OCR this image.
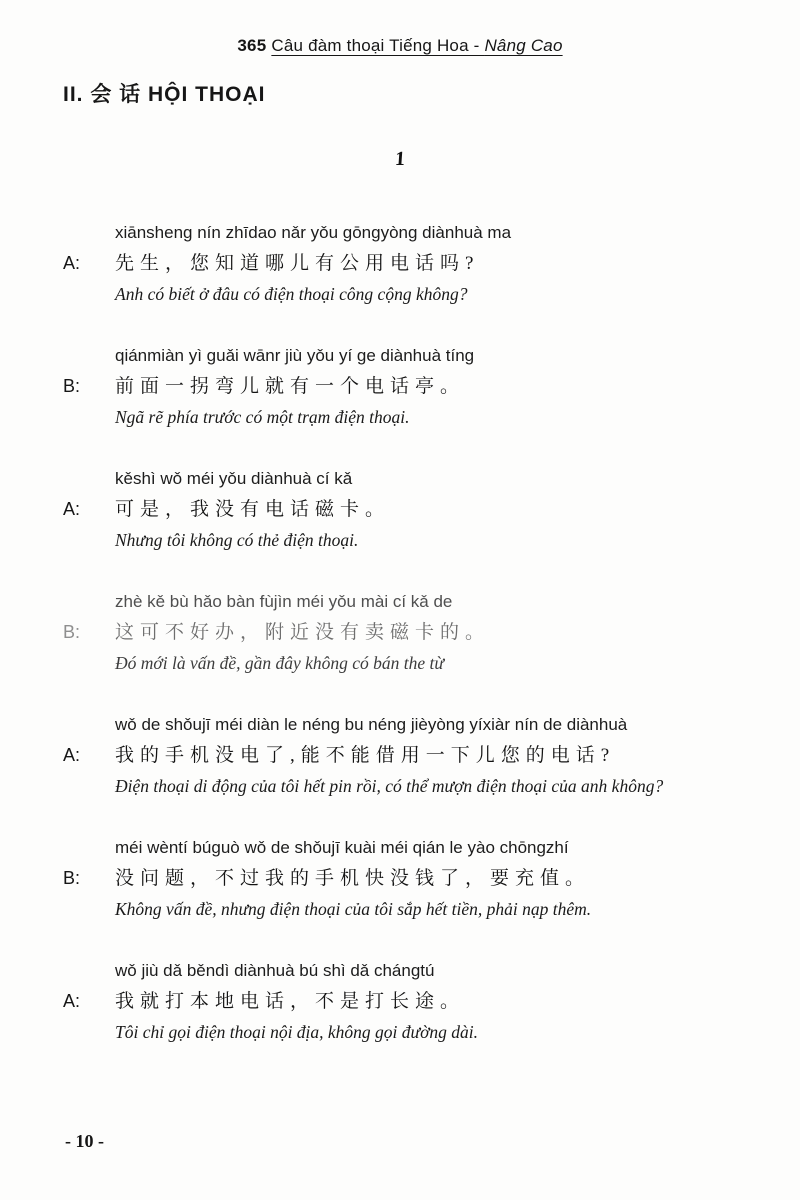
365 Câu đàm thoại Tiếng Hoa - Nâng Cao
II. 会 话 HỘI THOẠI
1
xiānsheng nín zhīdao nǎr yǒu gōngyòng diànhuà ma
A:	先生，您知道哪儿有公用电话吗?
Anh có biết ở đâu có điện thoại công cộng không?
qiánmiàn yì guǎi wānr jiù yǒu yí ge diànhuà tíng
B:	前面一拐弯儿就有一个电话亭。
Ngã rẽ phía trước có một trạm điện thoại.
kěshì wǒ méi yǒu diànhuà cí kǎ
A:	可是，我没有电话磁卡。
Nhưng tôi không có thẻ điện thoại.
zhè kě bù hǎo bàn fùjìn méi yǒu mài cí kǎ de
B:	这可不好办，附近没有卖磁卡的。
Đó mới là vấn đề, gần đây không có bán the từ
wǒ de shǒujī méi diàn le néng bu néng jièyòng yíxiàr nín de diànhuà
A:	我的手机没电了,能不能借用一下儿您的电话?
Điện thoại di động của tôi hết pin rồi, có thể mượn điện thoại của anh không?
méi wèntí búguò wǒ de shǒujī kuài méi qián le yào chōngzhí
B:	没问题，不过我的手机快没钱了，要充值。
Không vấn đề, nhưng điện thoại của tôi sắp hết tiền, phải nạp thêm.
wǒ jiù dǎ běndì diànhuà bú shì dǎ chángtú
A:	我就打本地电话，不是打长途。
Tôi chỉ gọi điện thoại nội địa, không gọi đường dài.
- 10 -
